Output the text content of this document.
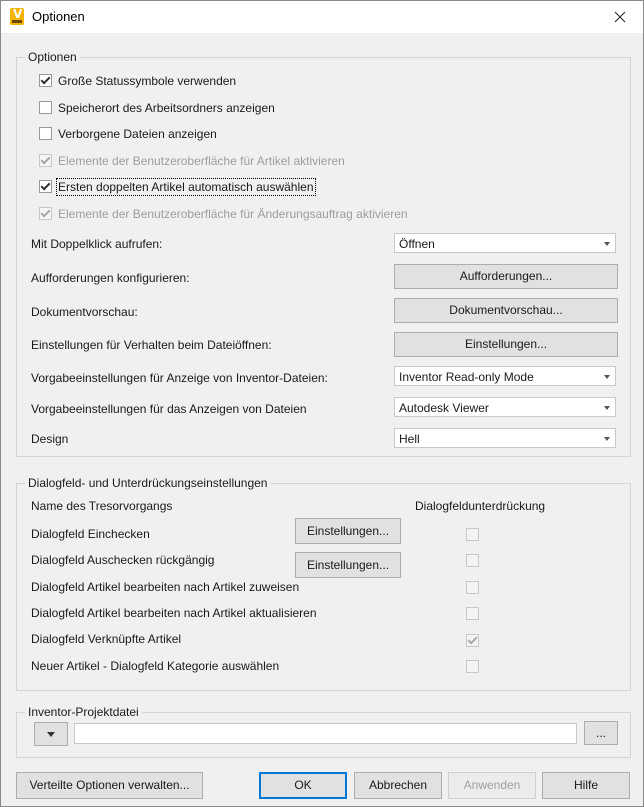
V
Optionen
Optionen
Große Statussymbole verwenden
Speicherort des Arbeitsordners anzeigen
Verborgene Dateien anzeigen
Elemente der Benutzeroberfläche für Artikel aktivieren
Ersten doppelten Artikel automatisch auswählen
Elemente der Benutzeroberfläche für Änderungsauftrag aktivieren
Mit Doppelklick aufrufen:	Öffnen
Aufforderungen konfigurieren:	Aufforderungen...
Dokumentvorschau:	Dokumentvorschau...
Einstellungen für Verhalten beim Dateiöffnen:	Einstellungen...
Vorgabeeinstellungen für Anzeige von Inventor-Dateien:	Inventor Read-only Mode
Vorgabeeinstellungen für das Anzeigen von Dateien	Autodesk Viewer
Design	Hell
Dialogfeld- und Unterdrückungseinstellungen
Name des Tresorvorgangs	Dialogfeldunterdrückung
Dialogfeld Einchecken	Einstellungen...
Dialogfeld Auschecken rückgängig	Einstellungen...
Dialogfeld Artikel bearbeiten nach Artikel zuweisen
Dialogfeld Artikel bearbeiten nach Artikel aktualisieren
Dialogfeld Verknüpfte Artikel
Neuer Artikel - Dialogfeld Kategorie auswählen
Inventor-Projektdatei
...
Verteilte Optionen verwalten...	OK	Abbrechen	Anwenden	Hilfe
